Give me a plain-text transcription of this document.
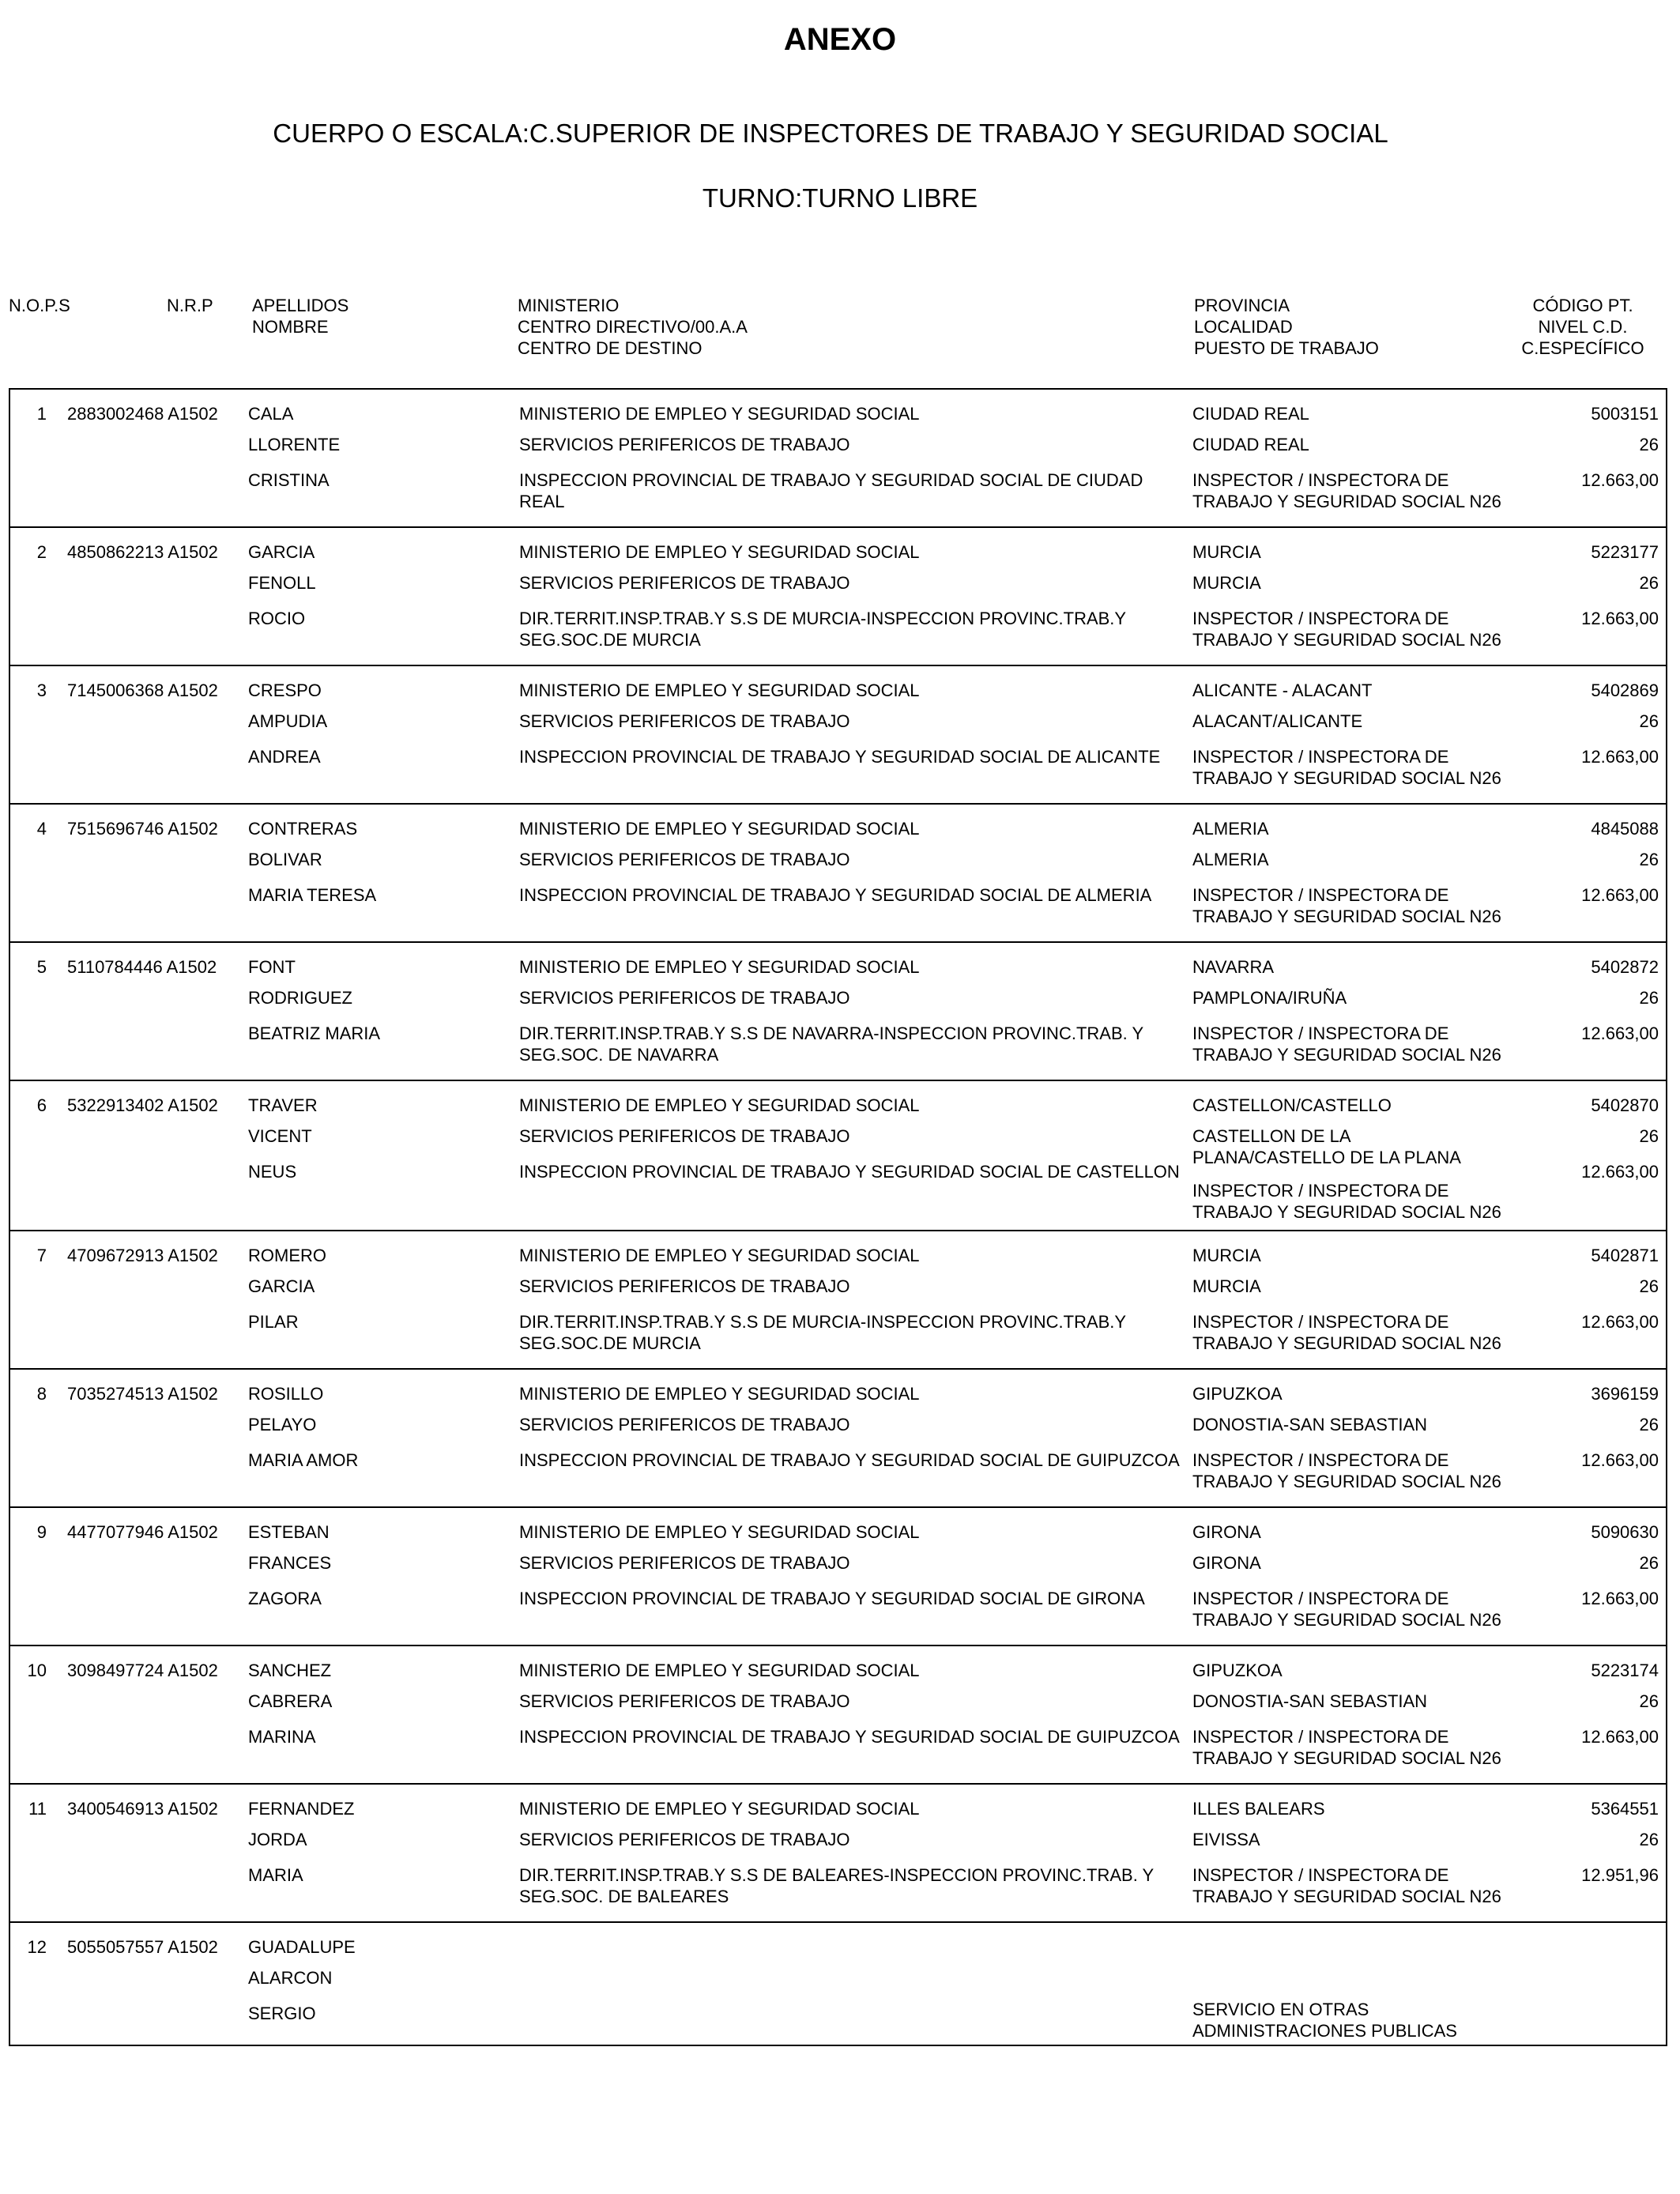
ANEXO
CUERPO O ESCALA:C.SUPERIOR DE INSPECTORES DE TRABAJO Y SEGURIDAD SOCIAL
TURNO:TURNO LIBRE
N.O.P.S	N.R.P APELLIDOS
NOMBRE
MINISTERIO
CENTRO DIRECTIVO/00.A.A
CENTRO DE DESTINO
PROVINCIA
LOCALIDAD
PUESTO DE TRABAJO
CÓDIGO PT.
NIVEL C.D.
C.ESPECÍFICO
1 2883002468 A1502 CALA
LLORENTE
CRISTINA
MINISTERIO DE EMPLEO Y SEGURIDAD SOCIAL
SERVICIOS PERIFERICOS DE TRABAJO
INSPECCION PROVINCIAL DE TRABAJO Y SEGURIDAD SOCIAL DE CIUDAD REAL
CIUDAD REAL
CIUDAD REAL
INSPECTOR / INSPECTORA DE TRABAJO Y SEGURIDAD SOCIAL N26
5003151
26
12.663,00
2 4850862213 A1502 GARCIA
FENOLL
ROCIO
MINISTERIO DE EMPLEO Y SEGURIDAD SOCIAL
SERVICIOS PERIFERICOS DE TRABAJO
DIR.TERRIT.INSP.TRAB.Y S.S DE MURCIA-INSPECCION PROVINC.TRAB.Y SEG.SOC.DE MURCIA
MURCIA
MURCIA
INSPECTOR / INSPECTORA DE TRABAJO Y SEGURIDAD SOCIAL N26
5223177
26
12.663,00
3 7145006368 A1502 CRESPO
AMPUDIA
ANDREA
MINISTERIO DE EMPLEO Y SEGURIDAD SOCIAL
SERVICIOS PERIFERICOS DE TRABAJO
INSPECCION PROVINCIAL DE TRABAJO Y SEGURIDAD SOCIAL DE ALICANTE
ALICANTE - ALACANT
ALACANT/ALICANTE
INSPECTOR / INSPECTORA DE TRABAJO Y SEGURIDAD SOCIAL N26
5402869
26
12.663,00
4 7515696746 A1502 CONTRERAS
BOLIVAR
MARIA TERESA
MINISTERIO DE EMPLEO Y SEGURIDAD SOCIAL
SERVICIOS PERIFERICOS DE TRABAJO
INSPECCION PROVINCIAL DE TRABAJO Y SEGURIDAD SOCIAL DE ALMERIA
ALMERIA
ALMERIA
INSPECTOR / INSPECTORA DE TRABAJO Y SEGURIDAD SOCIAL N26
4845088
26
12.663,00
5 5110784446 A1502 FONT
RODRIGUEZ
BEATRIZ MARIA
MINISTERIO DE EMPLEO Y SEGURIDAD SOCIAL
SERVICIOS PERIFERICOS DE TRABAJO
DIR.TERRIT.INSP.TRAB.Y S.S DE NAVARRA-INSPECCION PROVINC.TRAB. Y SEG.SOC. DE NAVARRA
NAVARRA
PAMPLONA/IRUÑA
INSPECTOR / INSPECTORA DE TRABAJO Y SEGURIDAD SOCIAL N26
5402872
26
12.663,00
6 5322913402 A1502 TRAVER
VICENT
NEUS
MINISTERIO DE EMPLEO Y SEGURIDAD SOCIAL
SERVICIOS PERIFERICOS DE TRABAJO
INSPECCION PROVINCIAL DE TRABAJO Y SEGURIDAD SOCIAL DE CASTELLON
CASTELLON/CASTELLO
CASTELLON DE LA PLANA/CASTELLO DE LA PLANA
INSPECTOR / INSPECTORA DE TRABAJO Y SEGURIDAD SOCIAL N26
5402870
26
12.663,00
7 4709672913 A1502 ROMERO
GARCIA
PILAR
MINISTERIO DE EMPLEO Y SEGURIDAD SOCIAL
SERVICIOS PERIFERICOS DE TRABAJO
DIR.TERRIT.INSP.TRAB.Y S.S DE MURCIA-INSPECCION PROVINC.TRAB.Y SEG.SOC.DE MURCIA
MURCIA
MURCIA
INSPECTOR / INSPECTORA DE TRABAJO Y SEGURIDAD SOCIAL N26
5402871
26
12.663,00
8 7035274513 A1502 ROSILLO
PELAYO
MARIA AMOR
MINISTERIO DE EMPLEO Y SEGURIDAD SOCIAL
SERVICIOS PERIFERICOS DE TRABAJO
INSPECCION PROVINCIAL DE TRABAJO Y SEGURIDAD SOCIAL DE GUIPUZCOA
GIPUZKOA
DONOSTIA-SAN SEBASTIAN
INSPECTOR / INSPECTORA DE TRABAJO Y SEGURIDAD SOCIAL N26
3696159
26
12.663,00
9 4477077946 A1502 ESTEBAN
FRANCES
ZAGORA
MINISTERIO DE EMPLEO Y SEGURIDAD SOCIAL
SERVICIOS PERIFERICOS DE TRABAJO
INSPECCION PROVINCIAL DE TRABAJO Y SEGURIDAD SOCIAL DE GIRONA
GIRONA
GIRONA
INSPECTOR / INSPECTORA DE TRABAJO Y SEGURIDAD SOCIAL N26
5090630
26
12.663,00
10 3098497724 A1502 SANCHEZ
CABRERA
MARINA
MINISTERIO DE EMPLEO Y SEGURIDAD SOCIAL
SERVICIOS PERIFERICOS DE TRABAJO
INSPECCION PROVINCIAL DE TRABAJO Y SEGURIDAD SOCIAL DE GUIPUZCOA
GIPUZKOA
DONOSTIA-SAN SEBASTIAN
INSPECTOR / INSPECTORA DE TRABAJO Y SEGURIDAD SOCIAL N26
5223174
26
12.663,00
11 3400546913 A1502 FERNANDEZ
JORDA
MARIA
MINISTERIO DE EMPLEO Y SEGURIDAD SOCIAL
SERVICIOS PERIFERICOS DE TRABAJO
DIR.TERRIT.INSP.TRAB.Y S.S DE BALEARES-INSPECCION PROVINC.TRAB. Y SEG.SOC. DE BALEARES
ILLES BALEARS
EIVISSA
INSPECTOR / INSPECTORA DE TRABAJO Y SEGURIDAD SOCIAL N26
5364551
26
12.951,96
12 5055057557 A1502 GUADALUPE
ALARCON
SERGIO	SERVICIO EN OTRAS ADMINISTRACIONES PUBLICAS
